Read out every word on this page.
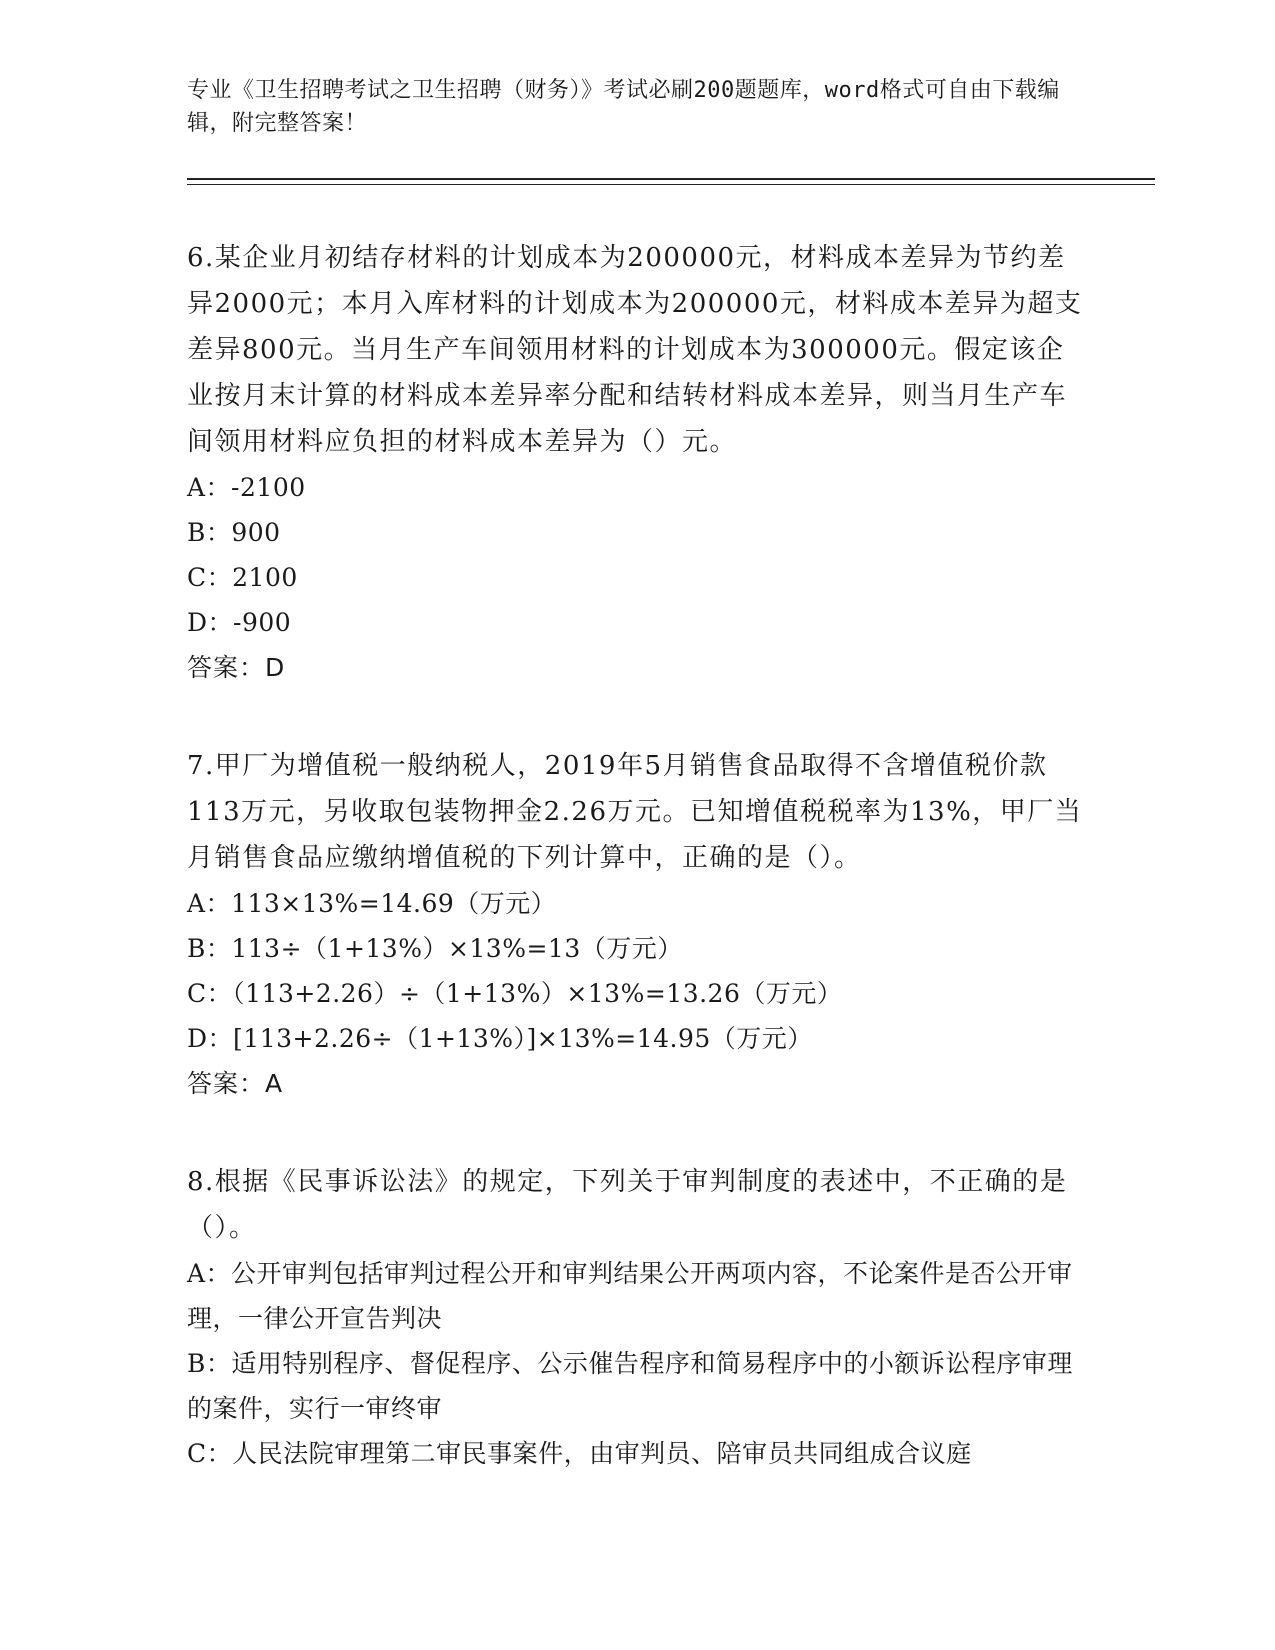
专业《卫生招聘考试之卫生招聘（财务）》考试必刷200题题库，word格式可自由下载编辑，附完整答案！
6.某企业月初结存材料的计划成本为200000元，材料成本差异为节约差异2000元；本月入库材料的计划成本为200000元，材料成本差异为超支差异800元。当月生产车间领用材料的计划成本为300000元。假定该企业按月末计算的材料成本差异率分配和结转材料成本差异，则当月生产车间领用材料应负担的材料成本差异为（）元。
A：-2100
B：900
C：2100
D：-900
答案：D
7.甲厂为增值税一般纳税人，2019年5月销售食品取得不含增值税价款113万元，另收取包装物押金2.26万元。已知增值税税率为13%，甲厂当月销售食品应缴纳增值税的下列计算中，正确的是（）。
A：113×13%=14.69（万元）
B：113÷（1+13%）×13%=13（万元）
C：（113+2.26）÷（1+13%）×13%=13.26（万元）
D：[113+2.26÷（1+13%）]×13%=14.95（万元）
答案：A
8.根据《民事诉讼法》的规定，下列关于审判制度的表述中，不正确的是（）。
A：公开审判包括审判过程公开和审判结果公开两项内容，不论案件是否公开审理，一律公开宣告判决
B：适用特别程序、督促程序、公示催告程序和简易程序中的小额诉讼程序审理的案件，实行一审终审
C：人民法院审理第二审民事案件，由审判员、陪审员共同组成合议庭
